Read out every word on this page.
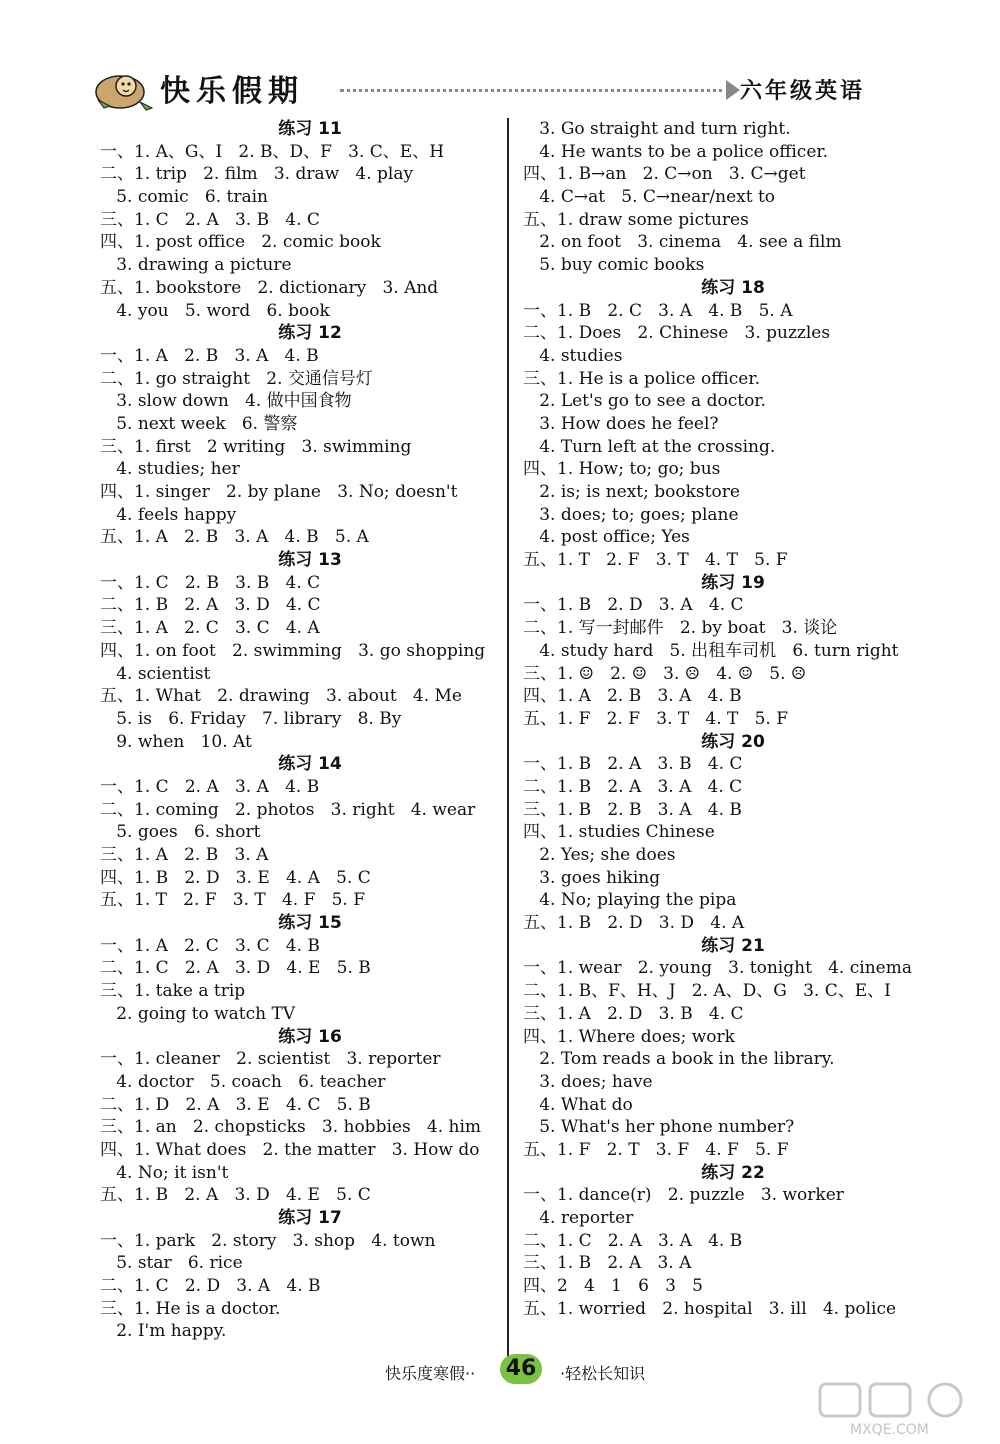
快乐假期	六年级英语
练习 11
一、1. A、G、I   2. B、D、F   3. C、E、H
二、1. trip   2. film   3. draw   4. play
5. comic   6. train
三、1. C   2. A   3. B   4. C
四、1. post office   2. comic book
3. drawing a picture
五、1. bookstore   2. dictionary   3. And
4. you   5. word   6. book
练习 12
一、1. A   2. B   3. A   4. B
二、1. go straight   2. 交通信号灯
3. slow down   4. 做中国食物
5. next week   6. 警察
三、1. first   2 writing   3. swimming
4. studies; her
四、1. singer   2. by plane   3. No; doesn't
4. feels happy
五、1. A   2. B   3. A   4. B   5. A
练习 13
一、1. C   2. B   3. B   4. C
二、1. B   2. A   3. D   4. C
三、1. A   2. C   3. C   4. A
四、1. on foot   2. swimming   3. go shopping
4. scientist
五、1. What   2. drawing   3. about   4. Me
5. is   6. Friday   7. library   8. By
9. when   10. At
练习 14
一、1. C   2. A   3. A   4. B
二、1. coming   2. photos   3. right   4. wear
5. goes   6. short
三、1. A   2. B   3. A
四、1. B   2. D   3. E   4. A   5. C
五、1. T   2. F   3. T   4. F   5. F
练习 15
一、1. A   2. C   3. C   4. B
二、1. C   2. A   3. D   4. E   5. B
三、1. take a trip
2. going to watch TV
练习 16
一、1. cleaner   2. scientist   3. reporter
4. doctor   5. coach   6. teacher
二、1. D   2. A   3. E   4. C   5. B
三、1. an   2. chopsticks   3. hobbies   4. him
四、1. What does   2. the matter   3. How do
4. No; it isn't
五、1. B   2. A   3. D   4. E   5. C
练习 17
一、1. park   2. story   3. shop   4. town
5. star   6. rice
二、1. C   2. D   3. A   4. B
三、1. He is a doctor.
2. I'm happy.
3. Go straight and turn right.
4. He wants to be a police officer.
四、1. B→an   2. C→on   3. C→get
4. C→at   5. C→near/next to
五、1. draw some pictures
2. on foot   3. cinema   4. see a film
5. buy comic books
练习 18
一、1. B   2. C   3. A   4. B   5. A
二、1. Does   2. Chinese   3. puzzles
4. studies
三、1. He is a police officer.
2. Let's go to see a doctor.
3. How does he feel?
4. Turn left at the crossing.
四、1. How; to; go; bus
2. is; is next; bookstore
3. does; to; goes; plane
4. post office; Yes
五、1. T   2. F   3. T   4. T   5. F
练习 19
一、1. B   2. D   3. A   4. C
二、1. 写一封邮件   2. by boat   3. 谈论
4. study hard   5. 出租车司机   6. turn right
三、1. ☺   2. ☺   3. ☹   4. ☺   5. ☹
四、1. A   2. B   3. A   4. B
五、1. F   2. F   3. T   4. T   5. F
练习 20
一、1. B   2. A   3. B   4. C
二、1. B   2. A   3. A   4. C
三、1. B   2. B   3. A   4. B
四、1. studies Chinese
2. Yes; she does
3. goes hiking
4. No; playing the pipa
五、1. B   2. D   3. D   4. A
练习 21
一、1. wear   2. young   3. tonight   4. cinema
二、1. B、F、H、J   2. A、D、G   3. C、E、I
三、1. A   2. D   3. B   4. C
四、1. Where does; work
2. Tom reads a book in the library.
3. does; have
4. What do
5. What's her phone number?
五、1. F   2. T   3. F   4. F   5. F
练习 22
一、1. dance(r)   2. puzzle   3. worker
4. reporter
二、1. C   2. A   3. A   4. B
三、1. B   2. A   3. A
四、2   4   1   6   3   5
五、1. worried   2. hospital   3. ill   4. police
快乐度寒假·· 46	·轻松长知识
MXQE.COM
